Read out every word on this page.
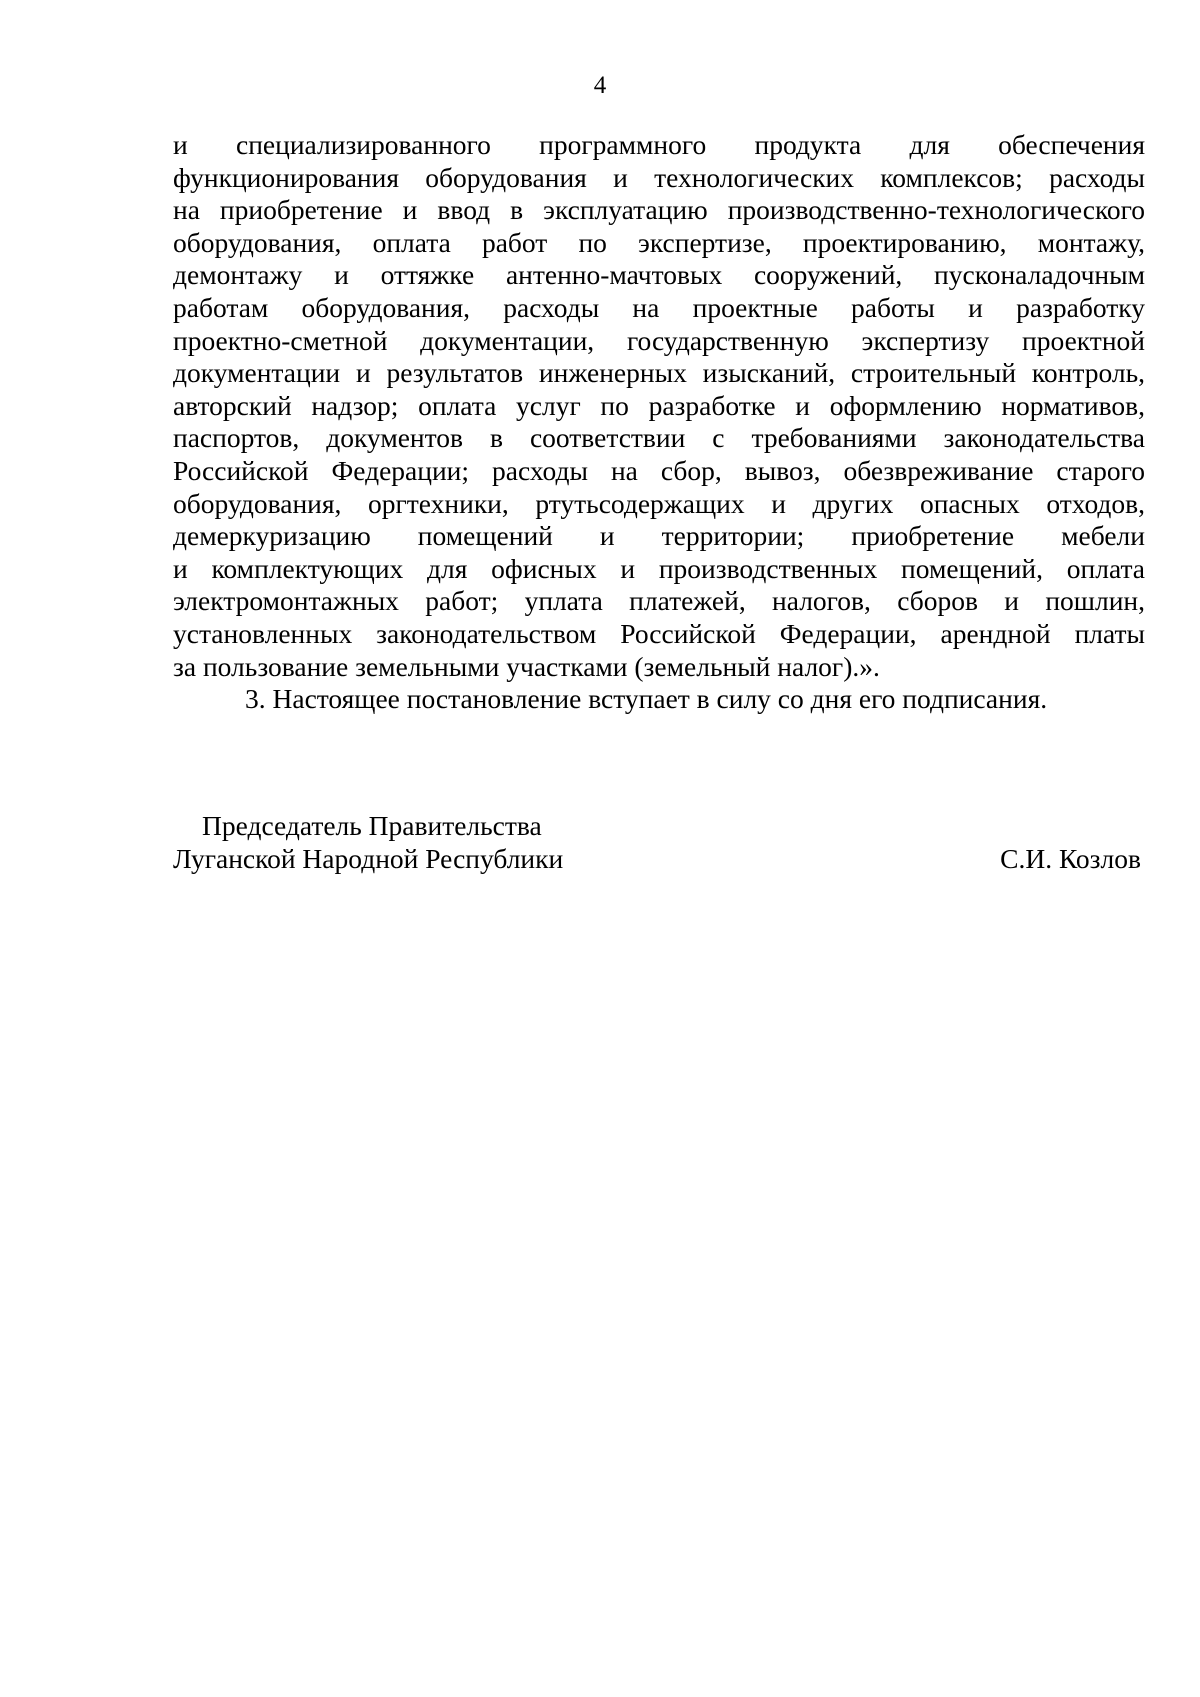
4
и специализированного программного продукта для обеспечения
функционирования оборудования и технологических комплексов; расходы
на приобретение и ввод в эксплуатацию производственно-технологического
оборудования, оплата работ по экспертизе, проектированию, монтажу,
демонтажу и оттяжке антенно-мачтовых сооружений, пусконаладочным
работам оборудования, расходы на проектные работы и разработку
проектно-сметной документации, государственную экспертизу проектной
документации и результатов инженерных изысканий, строительный контроль,
авторский надзор; оплата услуг по разработке и оформлению нормативов,
паспортов, документов в соответствии с требованиями законодательства
Российской Федерации; расходы на сбор, вывоз, обезвреживание старого
оборудования, оргтехники, ртутьсодержащих и других опасных отходов,
демеркуризацию помещений и территории; приобретение мебели
и комплектующих для офисных и производственных помещений, оплата
электромонтажных работ; уплата платежей, налогов, сборов и пошлин,
установленных законодательством Российской Федерации, арендной платы
за пользование земельными участками (земельный налог).».
3. Настоящее постановление вступает в силу со дня его подписания.
Председатель Правительства
Луганской Народной Республики	С.И. Козлов
